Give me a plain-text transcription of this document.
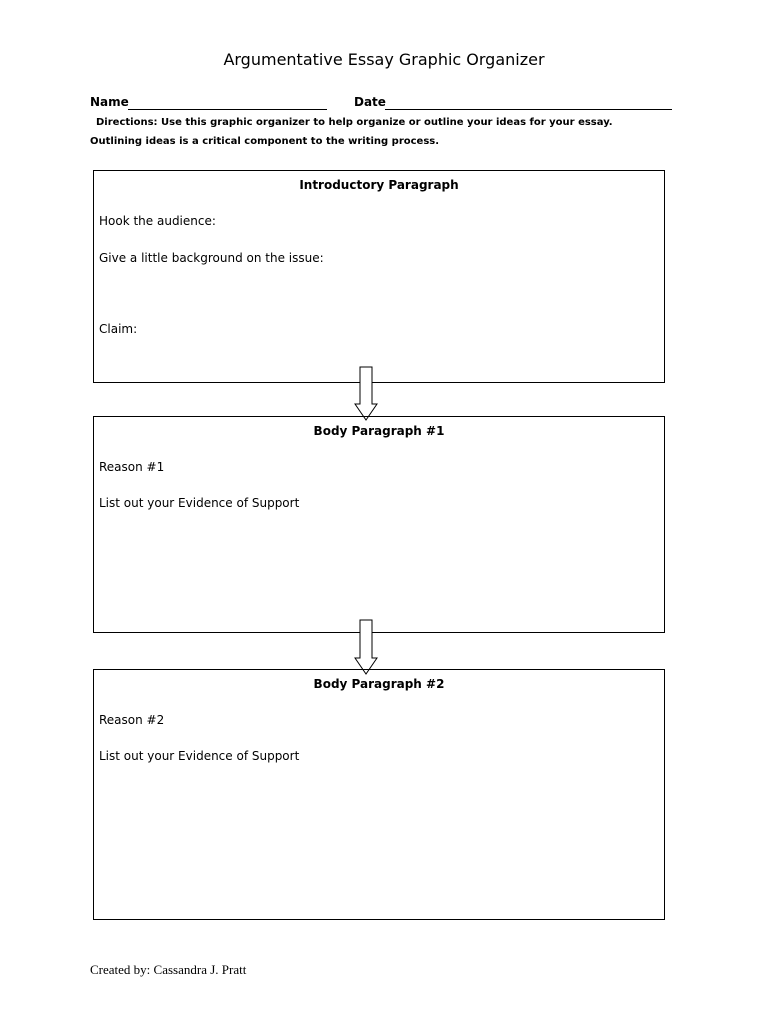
Argumentative Essay Graphic Organizer
Name	Date
Directions: Use this graphic organizer to help organize or outline your ideas for your essay.
Outlining ideas is a critical component to the writing process.
Introductory Paragraph
Hook the audience:
Give a little background on the issue:
Claim:
Body Paragraph #1
Reason #1
List out your Evidence of Support
Body Paragraph #2
Reason #2
List out your Evidence of Support
Created by: Cassandra J. Pratt
